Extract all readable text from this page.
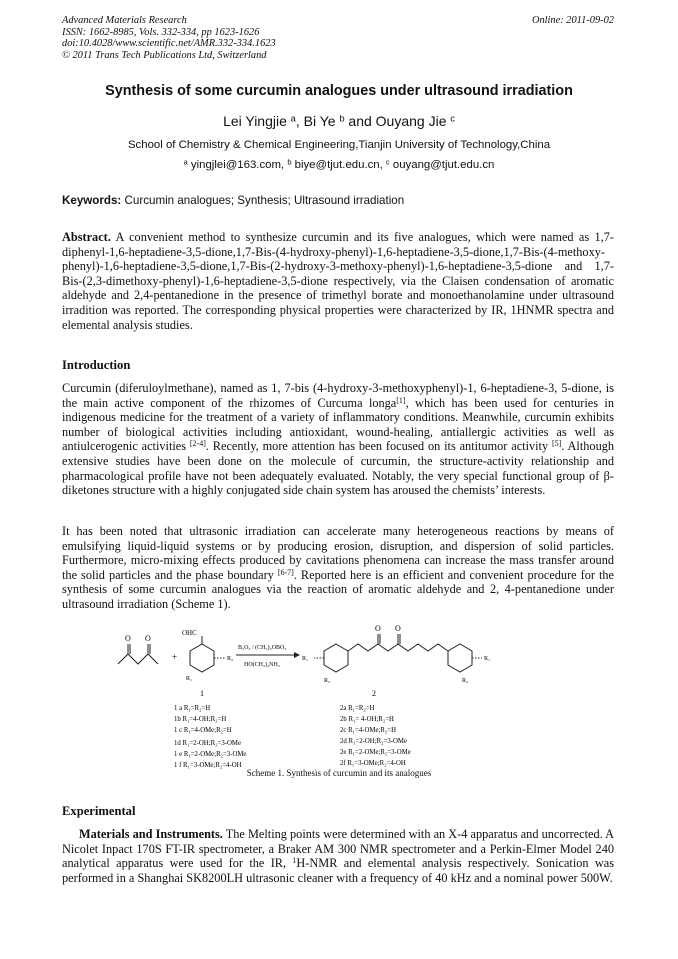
Advanced Materials Research
ISSN: 1662-8985, Vols. 332-334, pp 1623-1626
doi:10.4028/www.scientific.net/AMR.332-334.1623
© 2011 Trans Tech Publications Ltd, Switzerland
Online: 2011-09-02
Synthesis of some curcumin analogues under ultrasound irradiation
Lei Yingjie $^a$, Bi Ye $^b$ and Ouyang Jie $^c$
School of Chemistry & Chemical Engineering,Tianjin University of Technology,China
$^a$ yingjlei@163.com, $^b$ biye@tjut.edu.cn, $^c$ ouyang@tjut.edu.cn
Keywords: Curcumin analogues; Synthesis; Ultrasound irradiation
Abstract. A convenient method to synthesize curcumin and its five analogues, which were named as 1,7-diphenyl-1,6-heptadiene-3,5-dione,1,7-Bis-(4-hydroxy-phenyl)-1,6-heptadiene-3,5-dione,1,7-Bis-(4-methoxy-phenyl)-1,6-heptadiene-3,5-dione,1,7-Bis-(2-hydroxy-3-methoxy-phenyl)-1,6-heptadiene-3,5-dione and 1,7-Bis-(2,3-dimethoxy-phenyl)-1,6-heptadiene-3,5-dione respectively, via the Claisen condensation of aromatic aldehyde and 2,4-pentanedione in the presence of trimethyl borate and monoethanolamine under ultrasound irradition was reported. The corresponding physical properties were characterized by IR, 1HNMR spectra and elemental analysis studies.
Introduction
Curcumin (diferuloylmethane), named as 1, 7-bis (4-hydroxy-3-methoxyphenyl)-1, 6-heptadiene-3, 5-dione, is the main active component of the rhizomes of Curcuma longa[1], which has been used for centuries in indigenous medicine for the treatment of a variety of inflammatory conditions. Meanwhile, curcumin exhibits number of biological activities including antioxidant, wound-healing, antiallergic activities as well as antiulcerogenic activities [2-4]. Recently, more attention has been focused on its antitumor activity [5]. Although extensive studies have been done on the molecule of curcumin, the structure-activity relationship and pharmacological profile have not been adequately evaluated. Notably, the very special functional group of β-diketones structure with a highly conjugated side chain system has aroused the chemists’ interests.
It has been noted that ultrasonic irradiation can accelerate many heterogeneous reactions by means of emulsifying liquid-liquid systems or by producing erosion, disruption, and dispersion of solid particles. Furthermore, micro-mixing effects produced by cavitations phenomena can increase the mass transfer around the solid particles and the phase boundary [6-7]. Reported here is an efficient and convenient procedure for the synthesis of some curcumin analogues via the reaction of aromatic aldehyde and 2, 4-pentanedione under ultrasound irradiation (Scheme 1).
O O
+
OHC
R₂
R₁
1
B₂O₃ / (CH₃)₃OBO₃
HO(CH₂)₂NH₂
O O
R₁
R₂
R₁
R₂
2
1 a R₁=R₂=H
1b R₁=4-OH;R₂=H
1 c R₁=4-OMe;R₂=H
1d R₁=2-OH;R₂=3-OMe
1 e R₁=2-OMe;R₂=3-OMe
1 f R₁=3-OMe;R₂=4-OH
2a R₁=R₂=H
2b R₁= 4-OH;R₂=H
2c R₁=4-OMe;R₂=H
2d R₁=2-OH;R₂=3-OMe
2e R₁=2-OMe;R₂=3-OMe
2f R₁=3-OMe;R₂=4-OH
Scheme 1. Synthesis of curcumin and its analogues
Experimental
Materials and Instruments. The Melting points were determined with an X-4 apparatus and uncorrected. A Nicolet Inpact 170S FT-IR spectrometer, a Braker AM 300 NMR spectrometer and a Perkin-Elmer Model 240 analytical apparatus were used for the IR, $^1$H-NMR and elemental analysis respectively. Sonication was performed in a Shanghai SK8200LH ultrasonic cleaner with a frequency of 40 kHz and a nominal power 500W.
